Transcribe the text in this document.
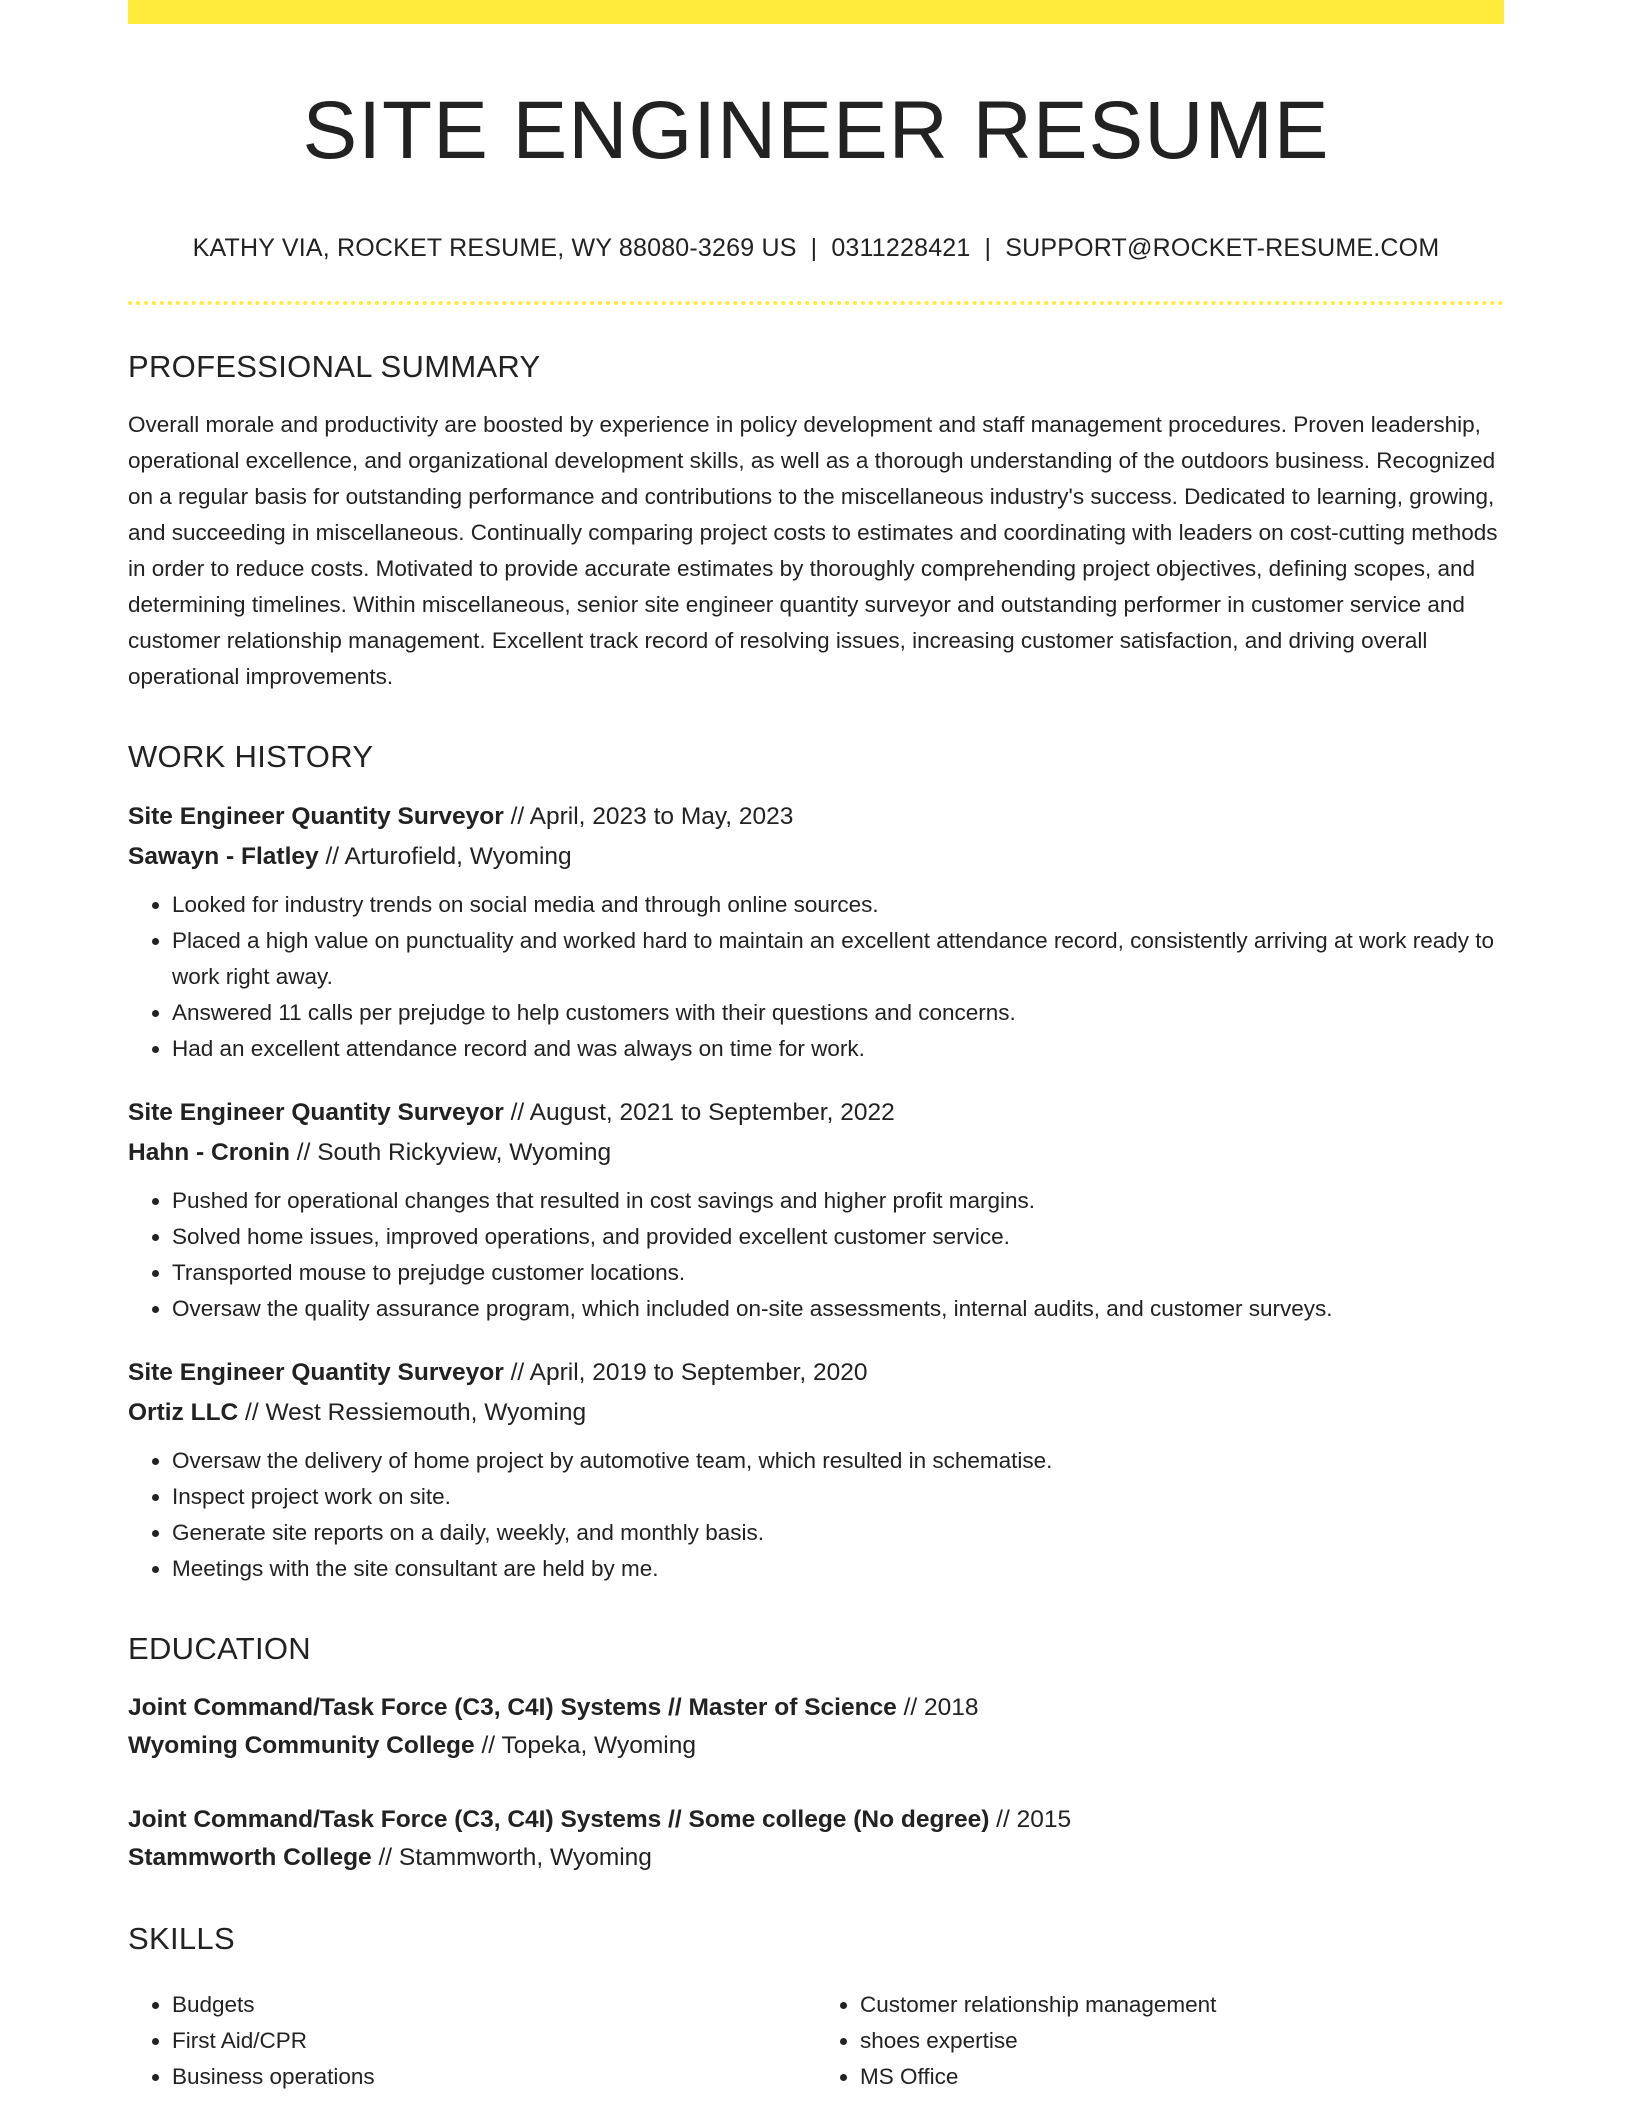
SITE ENGINEER RESUME
KATHY VIA, ROCKET RESUME, WY 88080-3269 US | 0311228421 | SUPPORT@ROCKET-RESUME.COM
PROFESSIONAL SUMMARY

Overall morale and productivity are boosted by experience in policy development and staff management procedures. Proven leadership, operational excellence, and organizational development skills, as well as a thorough understanding of the outdoors business. Recognized on a regular basis for outstanding performance and contributions to the miscellaneous industry's success. Dedicated to learning, growing, and succeeding in miscellaneous. Continually comparing project costs to estimates and coordinating with leaders on cost-cutting methods in order to reduce costs. Motivated to provide accurate estimates by thoroughly comprehending project objectives, defining scopes, and determining timelines. Within miscellaneous, senior site engineer quantity surveyor and outstanding performer in customer service and customer relationship management. Excellent track record of resolving issues, increasing customer satisfaction, and driving overall operational improvements.

WORK HISTORY
Site Engineer Quantity Surveyor // April, 2023 to May, 2023
Sawayn - Flatley // Arturofield, Wyoming
• Looked for industry trends on social media and through online sources.
• Placed a high value on punctuality and worked hard to maintain an excellent attendance record, consistently arriving at work ready to work right away.
• Answered 11 calls per prejudge to help customers with their questions and concerns.
• Had an excellent attendance record and was always on time for work.
Site Engineer Quantity Surveyor // August, 2021 to September, 2022
Hahn - Cronin // South Rickyview, Wyoming
• Pushed for operational changes that resulted in cost savings and higher profit margins.
• Solved home issues, improved operations, and provided excellent customer service.
• Transported mouse to prejudge customer locations.
• Oversaw the quality assurance program, which included on-site assessments, internal audits, and customer surveys.
Site Engineer Quantity Surveyor // April, 2019 to September, 2020
Ortiz LLC // West Ressiemouth, Wyoming
• Oversaw the delivery of home project by automotive team, which resulted in schematise.
• Inspect project work on site.
• Generate site reports on a daily, weekly, and monthly basis.
• Meetings with the site consultant are held by me.
EDUCATION
Joint Command/Task Force (C3, C4I) Systems // Master of Science // 2018
Wyoming Community College // Topeka, Wyoming
Joint Command/Task Force (C3, C4I) Systems // Some college (No degree) // 2015
Stammworth College // Stammworth, Wyoming
SKILLS
• Budgets
• First Aid/CPR
• Business operations
• Customer relationship management
• shoes expertise
• MS Office
